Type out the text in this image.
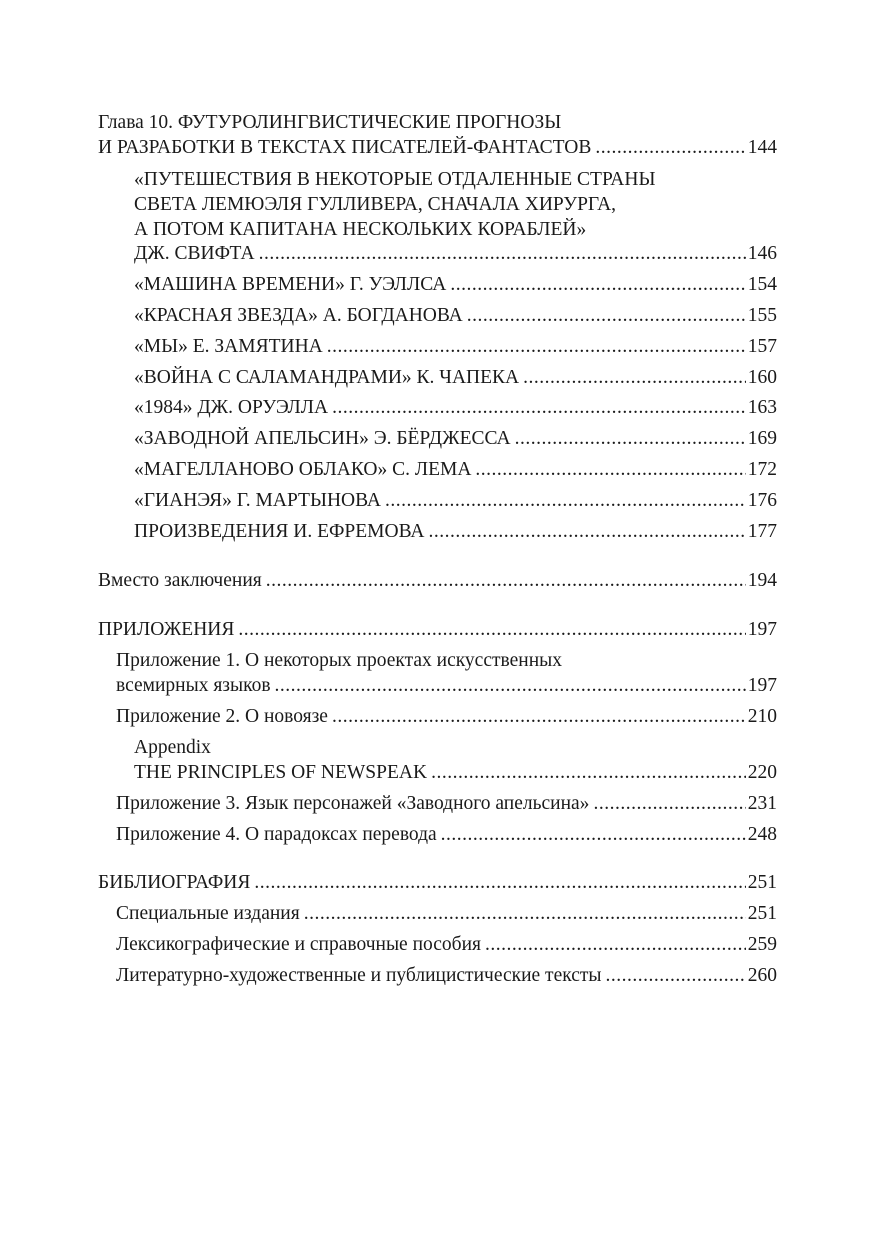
Глава 10. ФУТУРОЛИНГВИСТИЧЕСКИЕ ПРОГНОЗЫ
И РАЗРАБОТКИ В ТЕКСТАХ ПИСАТЕЛЕЙ-ФАНТАСТОВ .....	144
«ПУТЕШЕСТВИЯ В НЕКОТОРЫЕ ОТДАЛЕННЫЕ СТРАНЫ
СВЕТА ЛЕМЮЭЛЯ ГУЛЛИВЕРА, СНАЧАЛА ХИРУРГА,
А ПОТОМ КАПИТАНА НЕСКОЛЬКИХ КОРАБЛЕЙ»
ДЖ. СВИФТА .....	146
«МАШИНА ВРЕМЕНИ» Г. УЭЛЛСА .....	154
«КРАСНАЯ ЗВЕЗДА» А. БОГДАНОВА .....	155
«МЫ» Е. ЗАМЯТИНА .....	157
«ВОЙНА С САЛАМАНДРАМИ» К. ЧАПЕКА .....	160
«1984» ДЖ. ОРУЭЛЛА .....	163
«ЗАВОДНОЙ АПЕЛЬСИН» Э. БЁРДЖЕССА .....	169
«МАГЕЛЛАНОВО ОБЛАКО» С. ЛЕМА .....	172
«ГИАНЭЯ» Г. МАРТЫНОВА .....	176
ПРОИЗВЕДЕНИЯ И. ЕФРЕМОВА .....	177
Вместо заключения .....	194
ПРИЛОЖЕНИЯ .....	197
Приложение 1. О некоторых проектах искусственных
всемирных языков .....	197
Приложение 2. О новоязе .....	210
Appendix
THE PRINCIPLES OF NEWSPEAK .....	220
Приложение 3. Язык персонажей «Заводного апельсина» .....	231
Приложение 4. О парадоксах перевода .....	248
БИБЛИОГРАФИЯ .....	251
Специальные издания .....	251
Лексикографические и справочные пособия .....	259
Литературно-художественные и публицистические тексты .....	260
